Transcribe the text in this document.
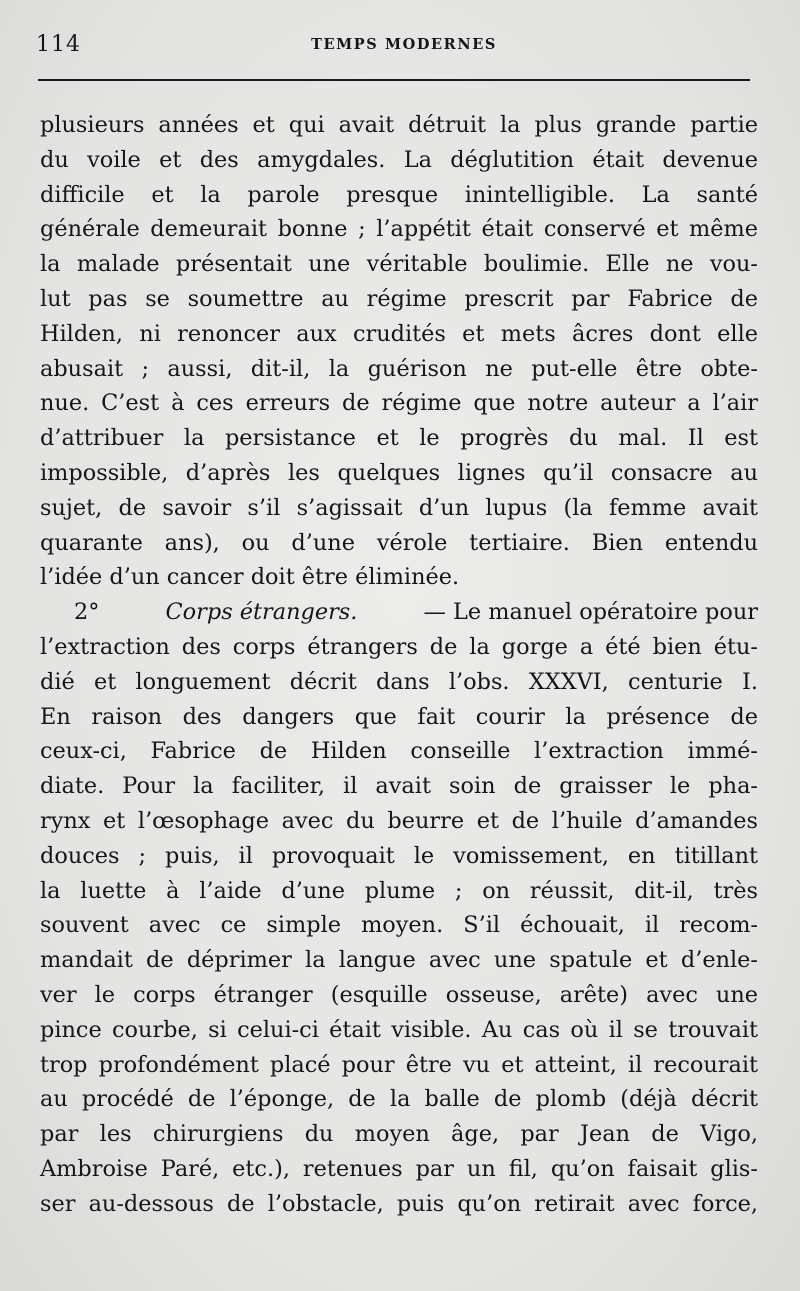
114	TEMPS MODERNES
plusieurs années et qui avait détruit la plus grande partie
du voile et des amygdales. La déglutition était devenue
difficile et la parole presque inintelligible. La santé
générale demeurait bonne ; l’appétit était conservé et même
la malade présentait une véritable boulimie. Elle ne vou-
lut pas se soumettre au régime prescrit par Fabrice de
Hilden, ni renoncer aux crudités et mets âcres dont elle
abusait ; aussi, dit-il, la guérison ne put-elle être obte-
nue. C’est à ces erreurs de régime que notre auteur a l’air
d’attribuer la persistance et le progrès du mal. Il est
impossible, d’après les quelques lignes qu’il consacre au
sujet, de savoir s’il s’agissait d’un lupus (la femme avait
quarante ans), ou d’une vérole tertiaire. Bien entendu
l’idée d’un cancer doit être éliminée.
2°	Corps étrangers.	— Le manuel opératoire pour
l’extraction des corps étrangers de la gorge a été bien étu-
dié et longuement décrit dans l’obs. XXXVI, centurie I.
En raison des dangers que fait courir la présence de
ceux-ci, Fabrice de Hilden conseille l’extraction immé-
diate. Pour la faciliter, il avait soin de graisser le pha-
rynx et l’œsophage avec du beurre et de l’huile d’amandes
douces ; puis, il provoquait le vomissement, en titillant
la luette à l’aide d’une plume ; on réussit, dit-il, très
souvent avec ce simple moyen. S’il échouait, il recom-
mandait de déprimer la langue avec une spatule et d’enle-
ver le corps étranger (esquille osseuse, arête) avec une
pince courbe, si celui-ci était visible. Au cas où il se trouvait
trop profondément placé pour être vu et atteint, il recourait
au procédé de l’éponge, de la balle de plomb (déjà décrit
par les chirurgiens du moyen âge, par Jean de Vigo,
Ambroise Paré, etc.), retenues par un fil, qu’on faisait glis-
ser au-dessous de l’obstacle, puis qu’on retirait avec force,
